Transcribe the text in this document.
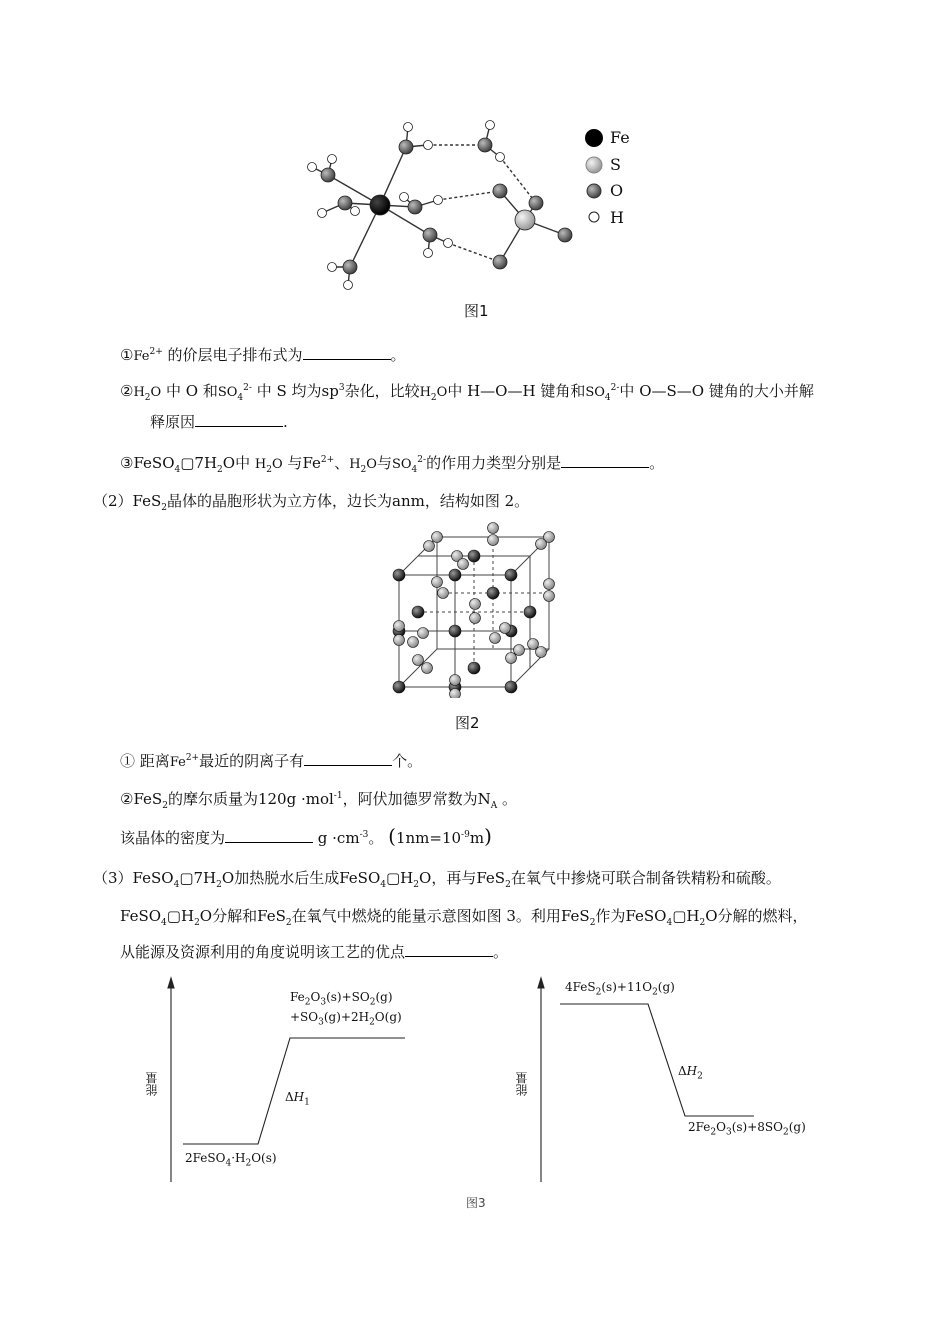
Fe
S
O
H
图1
$①Fe^{2+}$ 的价层电子排布式为	。
$②H_2O$ 中 O 和$SO_4^{2-}$ 中 S 均为$sp^3$杂化，比较$H_2O$中 H—O—H 键角和$SO_4^{2-}$中 O—S—O 键角的大小并解
释原因	.
$③FeSO_4▢7H_2O$中 $H_2O$ 与$Fe^{2+}$、$H_2O$与$SO_4^{2-}$的作用力类型分别是	。
（2）FeS$_2$晶体的晶胞形状为立方体，边长为anm，结构如图 2。
图2
① 距离$Fe^{2+}$最近的阴离子有	个。
②FeS$_2$的摩尔质量为120g ·mol$^{-1}$，阿伏加德罗常数为$N_A$ 。
该晶体的密度为	$g \cdot cm^{-3}$。 $(1nm=10^{-9}m)$
$(3)FeSO_4▢7H_2O$加热脱水后生成$FeSO_4▢H_2O$，再与FeS$_2$在氧气中掺烧可联合制备铁精粉和硫酸。
$FeSO_4▢H_2O$分解和FeS$_2$在氧气中燃烧的能量示意图如图 3。利用FeS$_2$作为$FeSO_4▢H_2O$分解的燃料，
从能源及资源利用的角度说明该工艺的优点	。
能量
$Fe_2O_3(s)+SO_2(g)$
$+SO_3(g)+2H_2O(g)$
$\Delta H_1$
$2FeSO_4\cdot H_2O(s)$
能量
$4FeS_2(s)+11O_2(g)$
$\Delta H_2$
$2Fe_2O_3(s)+8SO_2(g)$
图3
